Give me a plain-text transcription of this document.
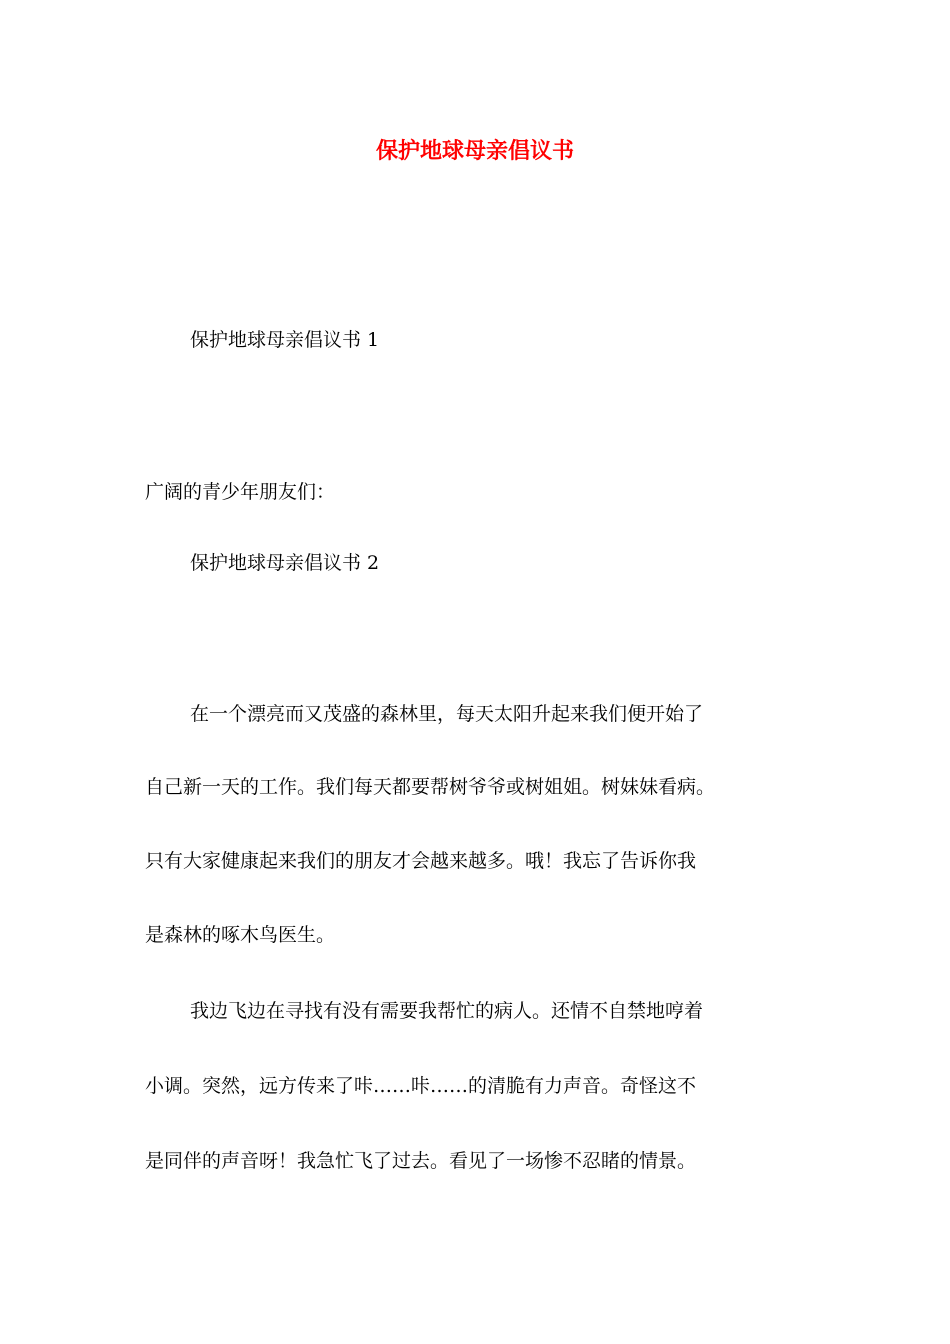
保护地球母亲倡议书

保护地球母亲倡议书 1

广阔的青少年朋友们：

保护地球母亲倡议书 2

在一个漂亮而又茂盛的森林里，每天太阳升起来我们便开始了

自己新一天的工作。我们每天都要帮树爷爷或树姐姐。树妹妹看病。

只有大家健康起来我们的朋友才会越来越多。哦！我忘了告诉你我

是森林的啄木鸟医生。

我边飞边在寻找有没有需要我帮忙的病人。还情不自禁地哼着

小调。突然，远方传来了咔……咔……的清脆有力声音。奇怪这不

是同伴的声音呀！我急忙飞了过去。看见了一场惨不忍睹的情景。
